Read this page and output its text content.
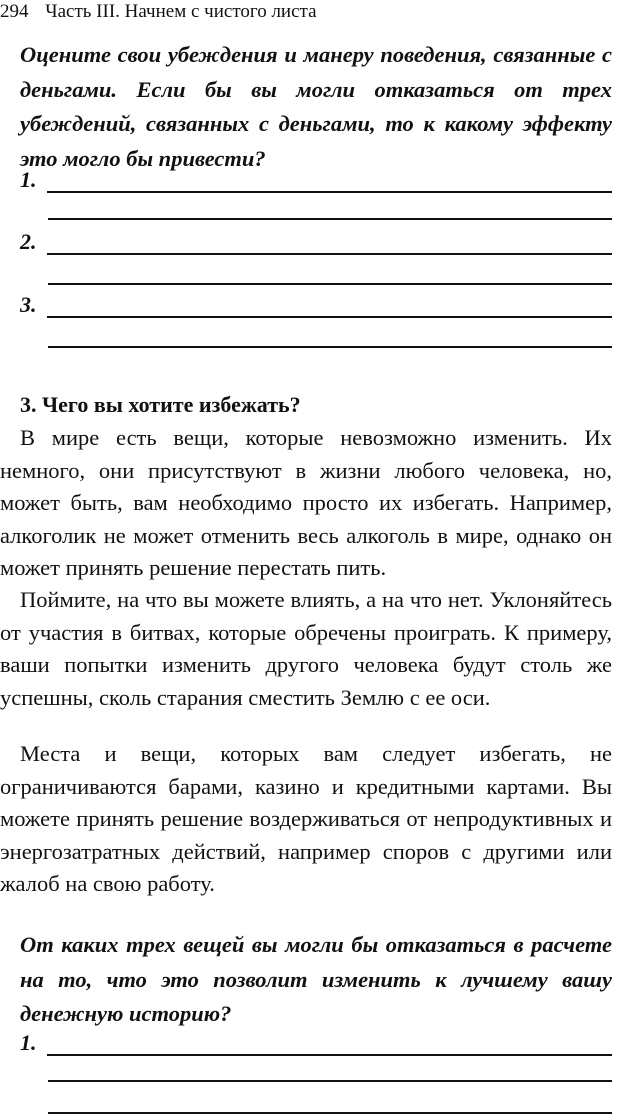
294 Часть III. Начнем с чистого листа

Оцените свои убеждения и манеру поведения, связанные с деньгами. Если бы вы могли отказаться от трех убеждений, связанных с деньгами, то к какому эффекту это могло бы привести?

1.
2.
3.
3. Чего вы хотите избежать?

В мире есть вещи, которые невозможно изменить. Их немного, они присутствуют в жизни любого человека, но, может быть, вам необходимо просто их избегать. Например, алкоголик не может отменить весь алкоголь в мире, однако он может принять решение перестать пить.

Поймите, на что вы можете влиять, а на что нет. Уклоняйтесь от участия в битвах, которые обречены проиграть. К примеру, ваши попытки изменить другого человека будут столь же успешны, сколь старания сместить Землю с ее оси.

Места и вещи, которых вам следует избегать, не ограничиваются барами, казино и кредитными картами. Вы можете принять решение воздерживаться от непродуктивных и энергозатратных действий, например споров с другими или жалоб на свою работу.

От каких трех вещей вы могли бы отказаться в расчете на то, что это позволит изменить к лучшему вашу денежную историю?

1.
